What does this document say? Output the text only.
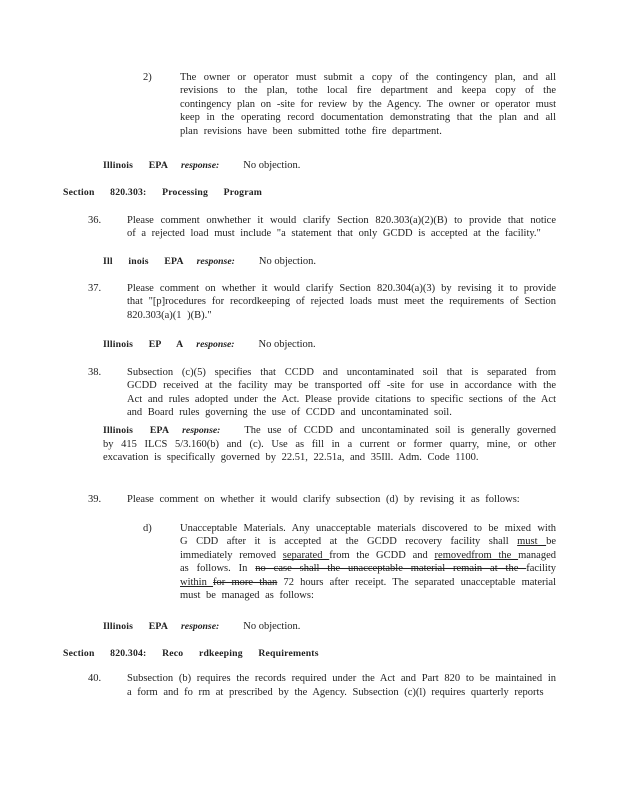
2)	The owner or operator must submit a copy of the contingency plan, and all revisions to the plan, tothe local fire department and keepa copy of the contingency plan on -site for review by the Agency. The owner or operator must keep in the operating record documentation demonstrating that the plan and all plan revisions have been submitted tothe fire department.
Illinois EPA response: No objection.
Section 820.303: Processing Program
36.	Please comment onwhether it would clarify Section 820.303(a)(2)(B) to provide that notice of a rejected load must include "a statement that only GCDD is accepted at the facility."
Ill inois EPA response: No objection.
37.	Please comment on whether it would clarify Section 820.304(a)(3) by revising it to provide that "[p]rocedures for recordkeeping of rejected loads must meet the requirements of Section 820.303(a)(1 )(B)."
Illinois EP A response: No objection.
38.	Subsection (c)(5) specifies that CCDD and uncontaminated soil that is separated from GCDD received at the facility may be transported off -site for use in accordance with the Act and rules adopted under the Act. Please provide citations to specific sections of the Act and Board rules governing the use of CCDD and uncontaminated soil.
Illinois EPA response: The use of CCDD and uncontaminated soil is generally governed by 415 ILCS 5/3.160(b) and (c). Use as fill in a current or former quarry, mine, or other excavation is specifically governed by 22.51, 22.51a, and 35Ill. Adm. Code 1100.
39.	Please comment on whether it would clarify subsection (d) by revising it as follows:
d)	Unacceptable Materials. Any unacceptable materials discovered to be mixed with G CDD after it is accepted at the GCDD recovery facility shall must be immediately removed separated from the GCDD and removedfrom the managed as follows. In no case shall the unacceptable material remain at the facility within for more than 72 hours after receipt. The separated unacceptable material must be managed as follows:
Illinois EPA response: No objection.
Section 820.304: Reco rdkeeping Requirements
40.	Subsection (b) requires the records required under the Act and Part 820 to be maintained in a form and fo rm at prescribed by the Agency. Subsection (c)(l) requires quarterly reports
